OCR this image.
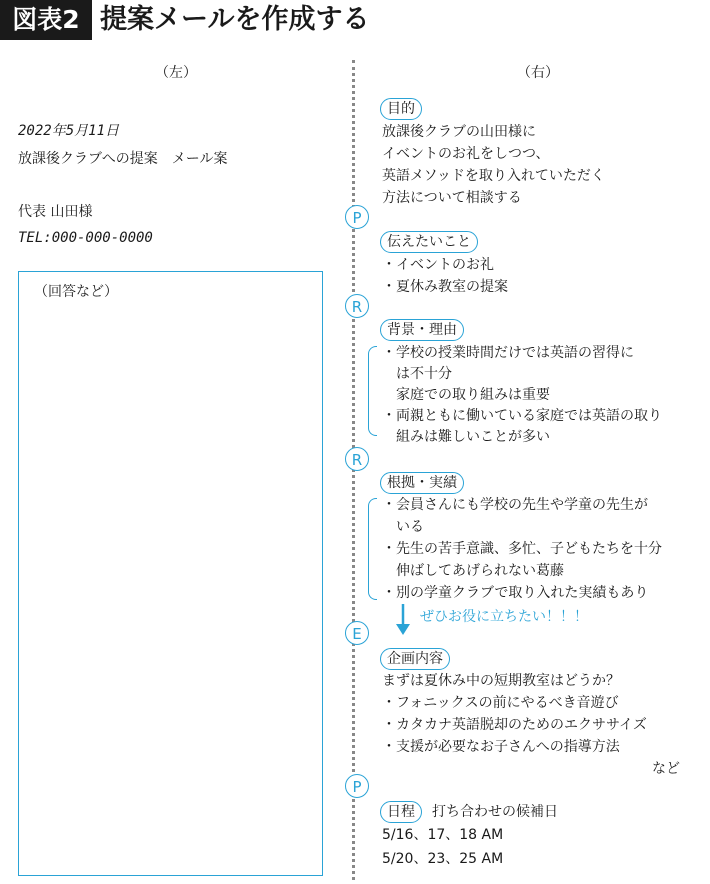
図表2 提案メールを作成する
（左）	（右）
2022年5月11日
放課後クラブへの提案　メール案
代表 山田様
TEL:000-000-0000
（回答など）
目的
放課後クラブの山田様に
イベントのお礼をしつつ、
英語メソッドを取り入れていただく
方法について相談する
P
伝えたいこと
・イベントのお礼
・夏休み教室の提案
R
背景・理由
・学校の授業時間だけでは英語の習得に
　は不十分
　家庭での取り組みは重要
・両親ともに働いている家庭では英語の取り
　組みは難しいことが多い
R
根拠・実績
・会員さんにも学校の先生や学童の先生が
　いる
・先生の苦手意識、多忙、子どもたちを十分
　伸ばしてあげられない葛藤
・別の学童クラブで取り入れた実績もあり
ぜひお役に立ちたい！！！
E
企画内容
まずは夏休み中の短期教室はどうか？
・フォニックスの前にやるべき音遊び
・カタカナ英語脱却のためのエクササイズ
・支援が必要なお子さんへの指導方法
など
P
日程	打ち合わせの候補日
5/16、17、18 AM
5/20、23、25 AM
